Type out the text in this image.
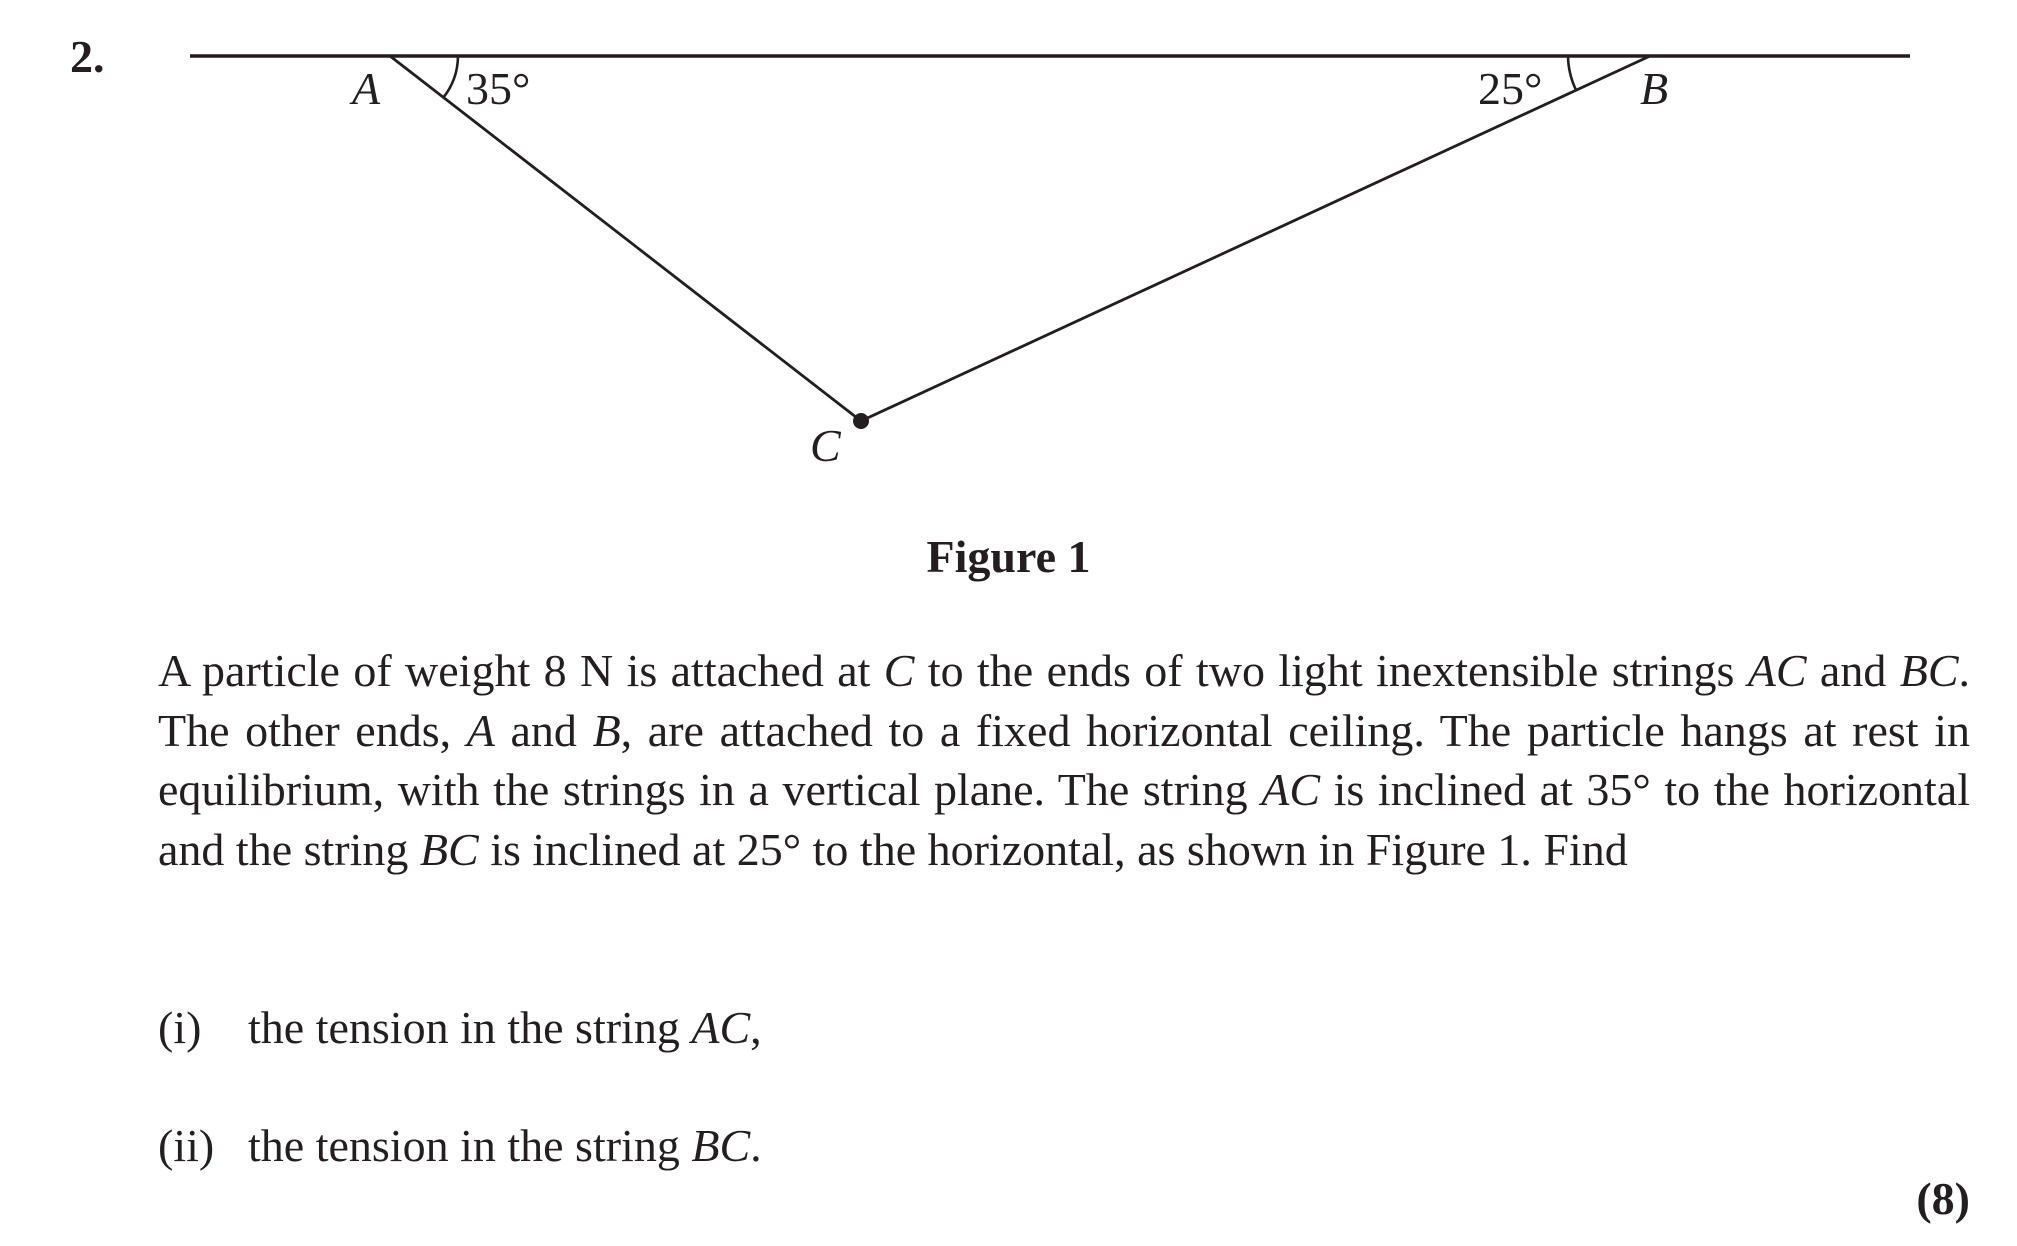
2.
A 35°	25° B
C
Figure 1
A particle of weight 8 N is attached at C to the ends of two light inextensible strings AC and BC. The other ends, A and B, are attached to a fixed horizontal ceiling. The particle hangs at rest in equilibrium, with the strings in a vertical plane. The string AC is inclined at 35° to the horizontal and the string BC is inclined at 25° to the horizontal, as shown in Figure 1. Find
(i) the tension in the string AC,
(ii) the tension in the string BC.
(8)
